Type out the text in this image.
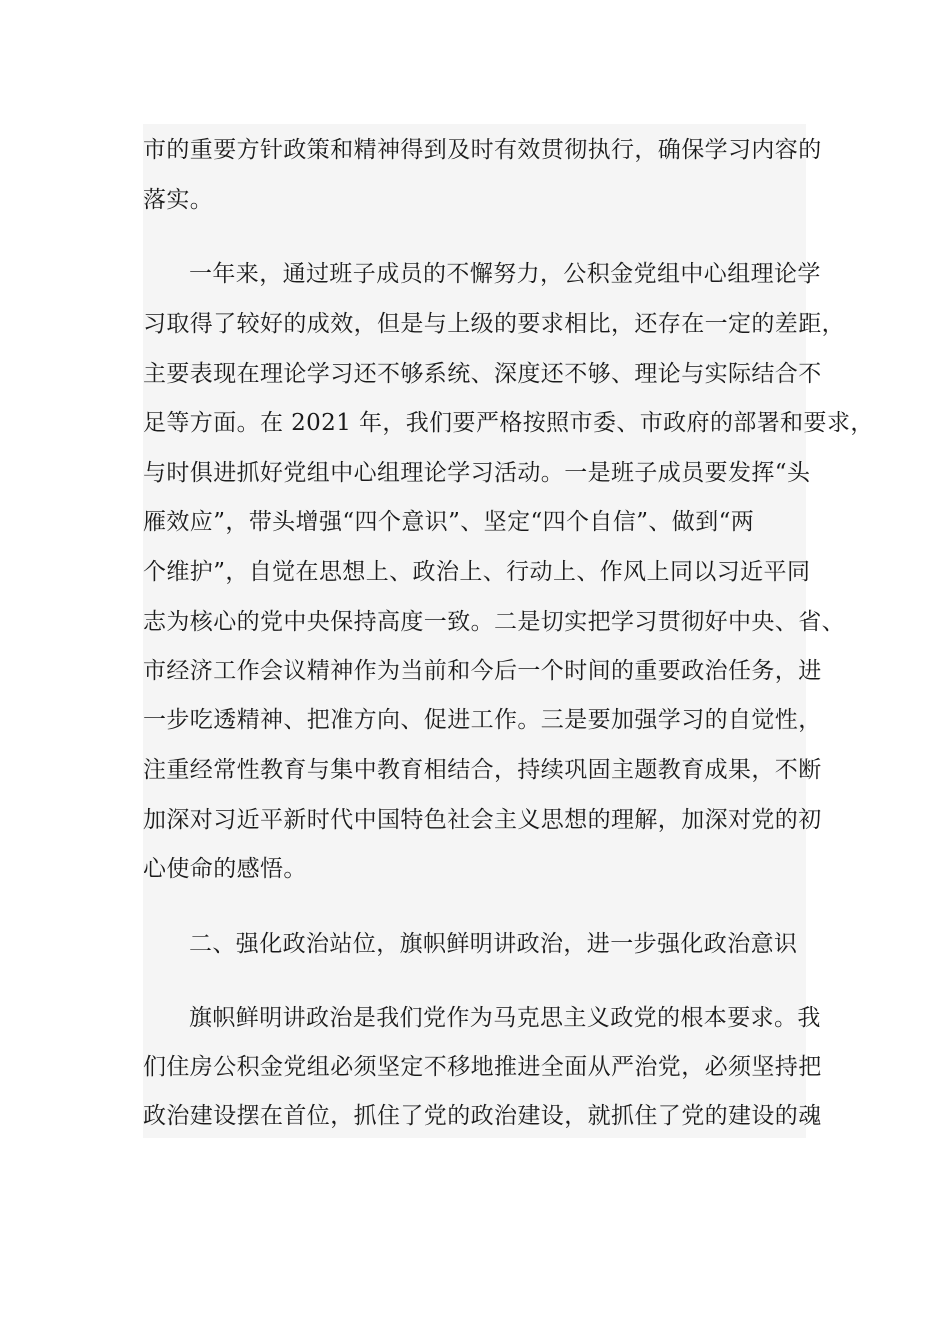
市的重要方针政策和精神得到及时有效贯彻执行，确保学习内容的
落实。
一年来，通过班子成员的不懈努力，公积金党组中心组理论学
习取得了较好的成效，但是与上级的要求相比，还存在一定的差距，
主要表现在理论学习还不够系统、深度还不够、理论与实际结合不
足等方面。在 2021 年，我们要严格按照市委、市政府的部署和要求，
与时俱进抓好党组中心组理论学习活动。一是班子成员要发挥“头
雁效应”，带头增强“四个意识”、坚定“四个自信”、做到“两
个维护”，自觉在思想上、政治上、行动上、作风上同以习近平同
志为核心的党中央保持高度一致。二是切实把学习贯彻好中央、省、
市经济工作会议精神作为当前和今后一个时间的重要政治任务，进
一步吃透精神、把准方向、促进工作。三是要加强学习的自觉性，
注重经常性教育与集中教育相结合，持续巩固主题教育成果，不断
加深对习近平新时代中国特色社会主义思想的理解，加深对党的初
心使命的感悟。
二、强化政治站位，旗帜鲜明讲政治，进一步强化政治意识
旗帜鲜明讲政治是我们党作为马克思主义政党的根本要求。我
们住房公积金党组必须坚定不移地推进全面从严治党，必须坚持把
政治建设摆在首位，抓住了党的政治建设，就抓住了党的建设的魂
